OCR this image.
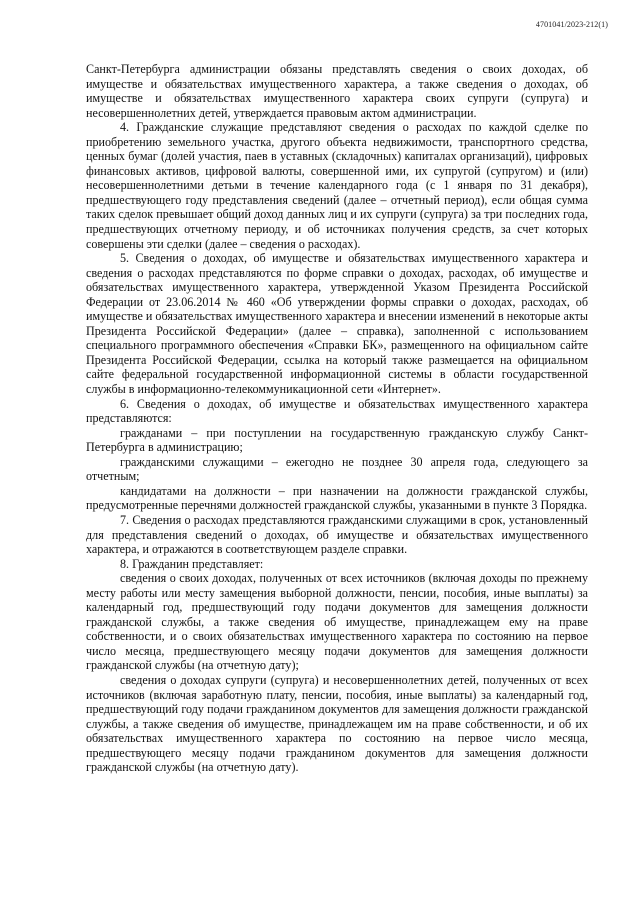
4701041/2023-212(1)

Санкт-Петербурга администрации обязаны представлять сведения о своих доходах, об имуществе и обязательствах имущественного характера, а также сведения о доходах, об имуществе и обязательствах имущественного характера своих супруги (супруга) и несовершеннолетних детей, утверждается правовым актом администрации.

4. Гражданские служащие представляют сведения о расходах по каждой сделке по приобретению земельного участка, другого объекта недвижимости, транспортного средства, ценных бумаг (долей участия, паев в уставных (складочных) капиталах организаций), цифровых финансовых активов, цифровой валюты, совершенной ими, их супругой (супругом) и (или) несовершеннолетними детьми в течение календарного года (с 1 января по 31 декабря), предшествующего году представления сведений (далее – отчетный период), если общая сумма таких сделок превышает общий доход данных лиц и их супруги (супруга) за три последних года, предшествующих отчетному периоду, и об источниках получения средств, за счет которых совершены эти сделки (далее – сведения о расходах).

5. Сведения о доходах, об имуществе и обязательствах имущественного характера и сведения о расходах представляются по форме справки о доходах, расходах, об имуществе и обязательствах имущественного характера, утвержденной Указом Президента Российской Федерации от 23.06.2014 № 460 «Об утверждении формы справки о доходах, расходах, об имуществе и обязательствах имущественного характера и внесении изменений в некоторые акты Президента Российской Федерации» (далее – справка), заполненной с использованием специального программного обеспечения «Справки БК», размещенного на официальном сайте Президента Российской Федерации, ссылка на который также размещается на официальном сайте федеральной государственной информационной системы в области государственной службы в информационно-телекоммуникационной сети «Интернет».

6. Сведения о доходах, об имуществе и обязательствах имущественного характера представляются:

гражданами – при поступлении на государственную гражданскую службу Санкт-Петербурга в администрацию;

гражданскими служащими – ежегодно не позднее 30 апреля года, следующего за отчетным;

кандидатами на должности – при назначении на должности гражданской службы, предусмотренные перечнями должностей гражданской службы, указанными в пункте 3 Порядка.

7. Сведения о расходах представляются гражданскими служащими в срок, установленный для представления сведений о доходах, об имуществе и обязательствах имущественного характера, и отражаются в соответствующем разделе справки.

8. Гражданин представляет:

сведения о своих доходах, полученных от всех источников (включая доходы по прежнему месту работы или месту замещения выборной должности, пенсии, пособия, иные выплаты) за календарный год, предшествующий году подачи документов для замещения должности гражданской службы, а также сведения об имуществе, принадлежащем ему на праве собственности, и о своих обязательствах имущественного характера по состоянию на первое число месяца, предшествующего месяцу подачи документов для замещения должности гражданской службы (на отчетную дату);

сведения о доходах супруги (супруга) и несовершеннолетних детей, полученных от всех источников (включая заработную плату, пенсии, пособия, иные выплаты) за календарный год, предшествующий году подачи гражданином документов для замещения должности гражданской службы, а также сведения об имуществе, принадлежащем им на праве собственности, и об их обязательствах имущественного характера по состоянию на первое число месяца, предшествующего месяцу подачи гражданином документов для замещения должности гражданской службы (на отчетную дату).
